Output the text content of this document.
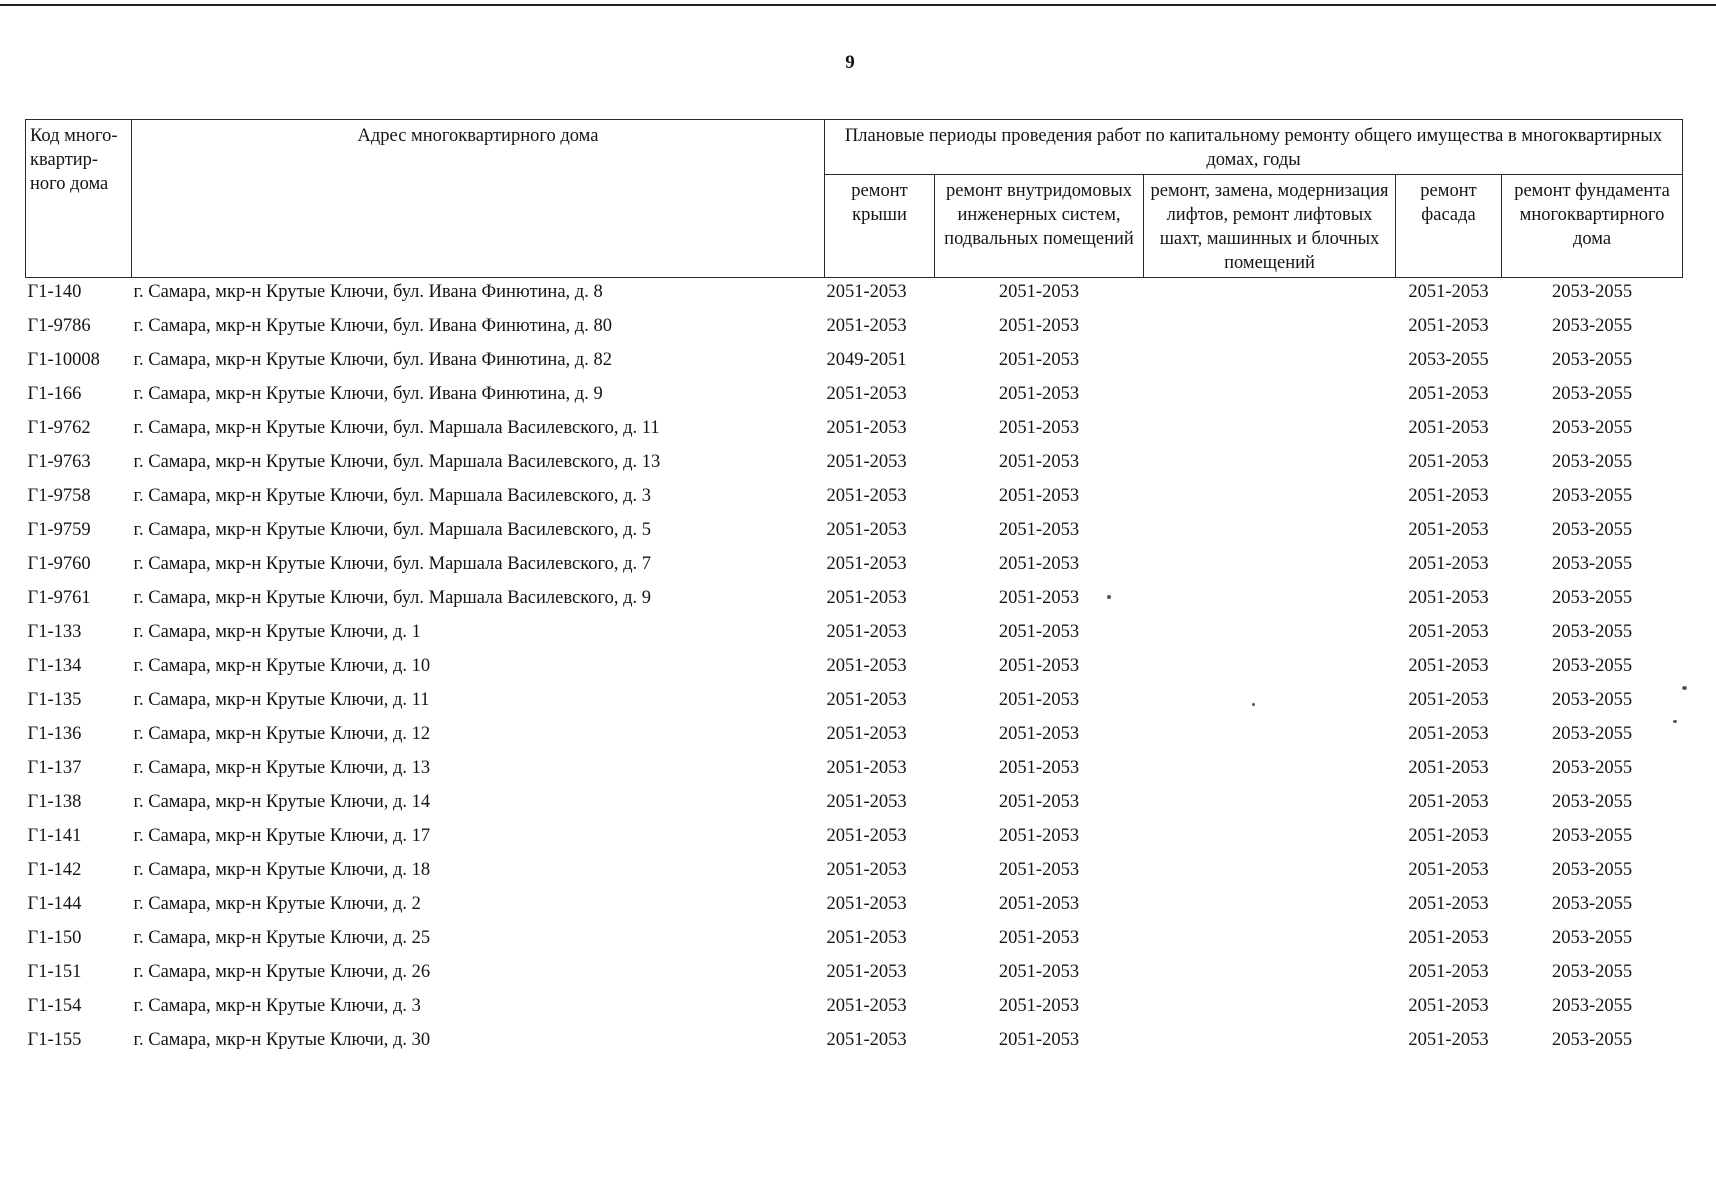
9
Код много-квартир-ного дома	Адрес многоквартирного дома	Плановые периоды проведения работ по капитальному ремонту общего имущества в многоквартирных домах, годы				
		ремонт крыши	ремонт внутридомовых инженерных систем, подвальных помещений	ремонт, замена, модернизация лифтов, ремонт лифтовых шахт, машинных и блочных помещений	ремонт фасада	ремонт фундамента многоквартирного дома
Г1-140	г. Самара, мкр-н Крутые Ключи, бул. Ивана Финютина, д. 8	2051-2053	2051-2053		2051-2053	2053-2055
Г1-9786	г. Самара, мкр-н Крутые Ключи, бул. Ивана Финютина, д. 80	2051-2053	2051-2053		2051-2053	2053-2055
Г1-10008	г. Самара, мкр-н Крутые Ключи, бул. Ивана Финютина, д. 82	2049-2051	2051-2053		2053-2055	2053-2055
Г1-166	г. Самара, мкр-н Крутые Ключи, бул. Ивана Финютина, д. 9	2051-2053	2051-2053		2051-2053	2053-2055
Г1-9762	г. Самара, мкр-н Крутые Ключи, бул. Маршала Василевского, д. 11	2051-2053	2051-2053		2051-2053	2053-2055
Г1-9763	г. Самара, мкр-н Крутые Ключи, бул. Маршала Василевского, д. 13	2051-2053	2051-2053		2051-2053	2053-2055
Г1-9758	г. Самара, мкр-н Крутые Ключи, бул. Маршала Василевского, д. 3	2051-2053	2051-2053		2051-2053	2053-2055
Г1-9759	г. Самара, мкр-н Крутые Ключи, бул. Маршала Василевского, д. 5	2051-2053	2051-2053		2051-2053	2053-2055
Г1-9760	г. Самара, мкр-н Крутые Ключи, бул. Маршала Василевского, д. 7	2051-2053	2051-2053		2051-2053	2053-2055
Г1-9761	г. Самара, мкр-н Крутые Ключи, бул. Маршала Василевского, д. 9	2051-2053	2051-2053		2051-2053	2053-2055
Г1-133	г. Самара, мкр-н Крутые Ключи, д. 1	2051-2053	2051-2053		2051-2053	2053-2055
Г1-134	г. Самара, мкр-н Крутые Ключи, д. 10	2051-2053	2051-2053		2051-2053	2053-2055
Г1-135	г. Самара, мкр-н Крутые Ключи, д. 11	2051-2053	2051-2053		2051-2053	2053-2055
Г1-136	г. Самара, мкр-н Крутые Ключи, д. 12	2051-2053	2051-2053		2051-2053	2053-2055
Г1-137	г. Самара, мкр-н Крутые Ключи, д. 13	2051-2053	2051-2053		2051-2053	2053-2055
Г1-138	г. Самара, мкр-н Крутые Ключи, д. 14	2051-2053	2051-2053		2051-2053	2053-2055
Г1-141	г. Самара, мкр-н Крутые Ключи, д. 17	2051-2053	2051-2053		2051-2053	2053-2055
Г1-142	г. Самара, мкр-н Крутые Ключи, д. 18	2051-2053	2051-2053		2051-2053	2053-2055
Г1-144	г. Самара, мкр-н Крутые Ключи, д. 2	2051-2053	2051-2053		2051-2053	2053-2055
Г1-150	г. Самара, мкр-н Крутые Ключи, д. 25	2051-2053	2051-2053		2051-2053	2053-2055
Г1-151	г. Самара, мкр-н Крутые Ключи, д. 26	2051-2053	2051-2053		2051-2053	2053-2055
Г1-154	г. Самара, мкр-н Крутые Ключи, д. 3	2051-2053	2051-2053		2051-2053	2053-2055
Г1-155	г. Самара, мкр-н Крутые Ключи, д. 30	2051-2053	2051-2053		2051-2053	2053-2055
